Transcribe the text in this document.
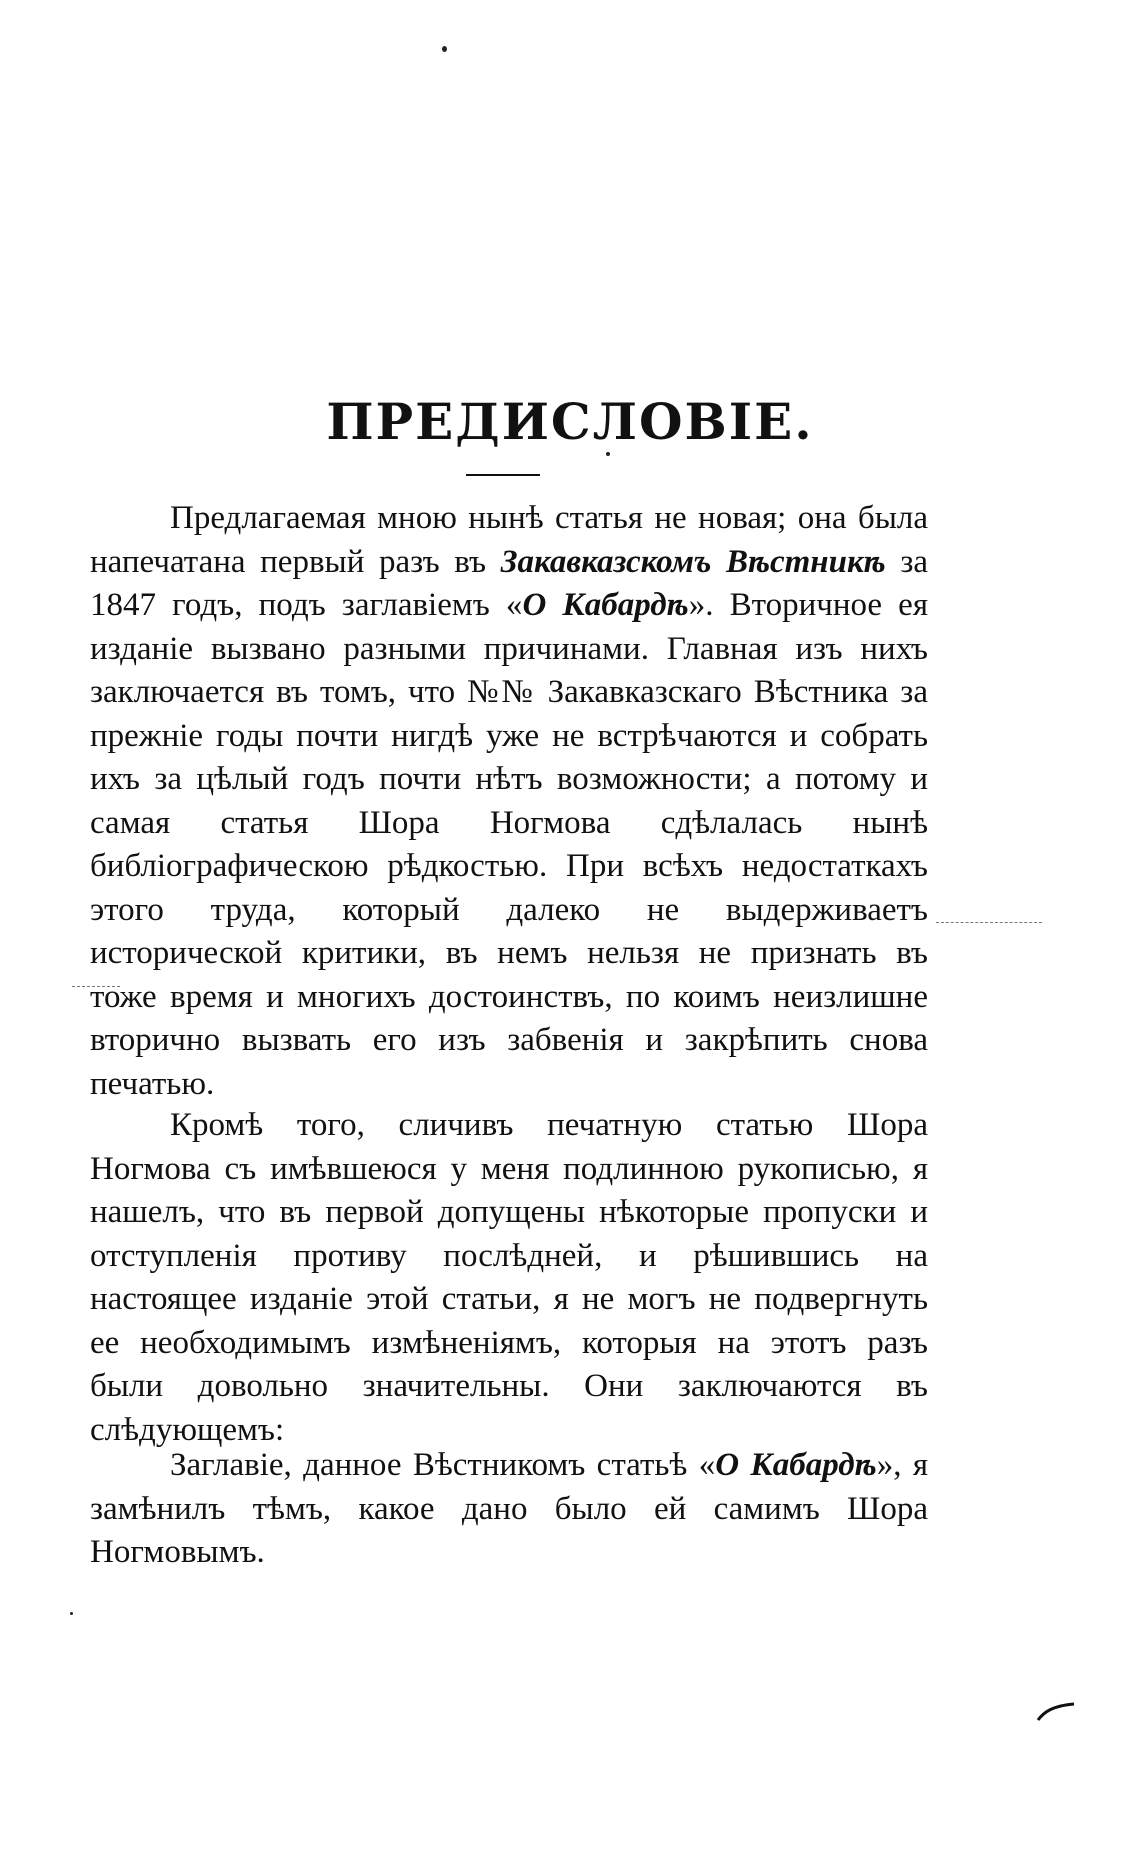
ПРЕДИСЛОВІЕ.

Предлагаемая мною нынѣ статья не новая; она была напечатана первый разъ въ Закавказскомъ Вѣстникѣ за 1847 годъ, подъ заглавіемъ «О Кабардѣ». Вторичное ея изданіе вызвано разными причинами. Главная изъ нихъ заключается въ томъ, что №№ Закавказскаго Вѣстника за прежніе годы почти нигдѣ уже не встрѣчаются и собрать ихъ за цѣлый годъ почти нѣтъ возможности; а потому и самая статья Шора Ногмова сдѣлалась нынѣ библіографическою рѣдкостью. При всѣхъ недостаткахъ этого труда, который далеко не выдерживаетъ исторической критики, въ немъ нельзя не признать въ тоже время и многихъ достоинствъ, по коимъ неизлишне вторично вызвать его изъ забвенія и закрѣпить снова печатью.

Кромѣ того, сличивъ печатную статью Шора Ногмова съ имѣвшеюся у меня подлинною рукописью, я нашелъ, что въ первой допущены нѣкоторые пропуски и отступленія противу послѣдней, и рѣшившись на настоящее изданіе этой статьи, я не могъ не подвергнуть ее необходимымъ измѣненіямъ, которыя на этотъ разъ были довольно значительны. Они заключаются въ слѣдующемъ:

Заглавіе, данное Вѣстникомъ статьѣ «О Кабардѣ», я замѣнилъ тѣмъ, какое дано было ей самимъ Шора Ногмовымъ.
